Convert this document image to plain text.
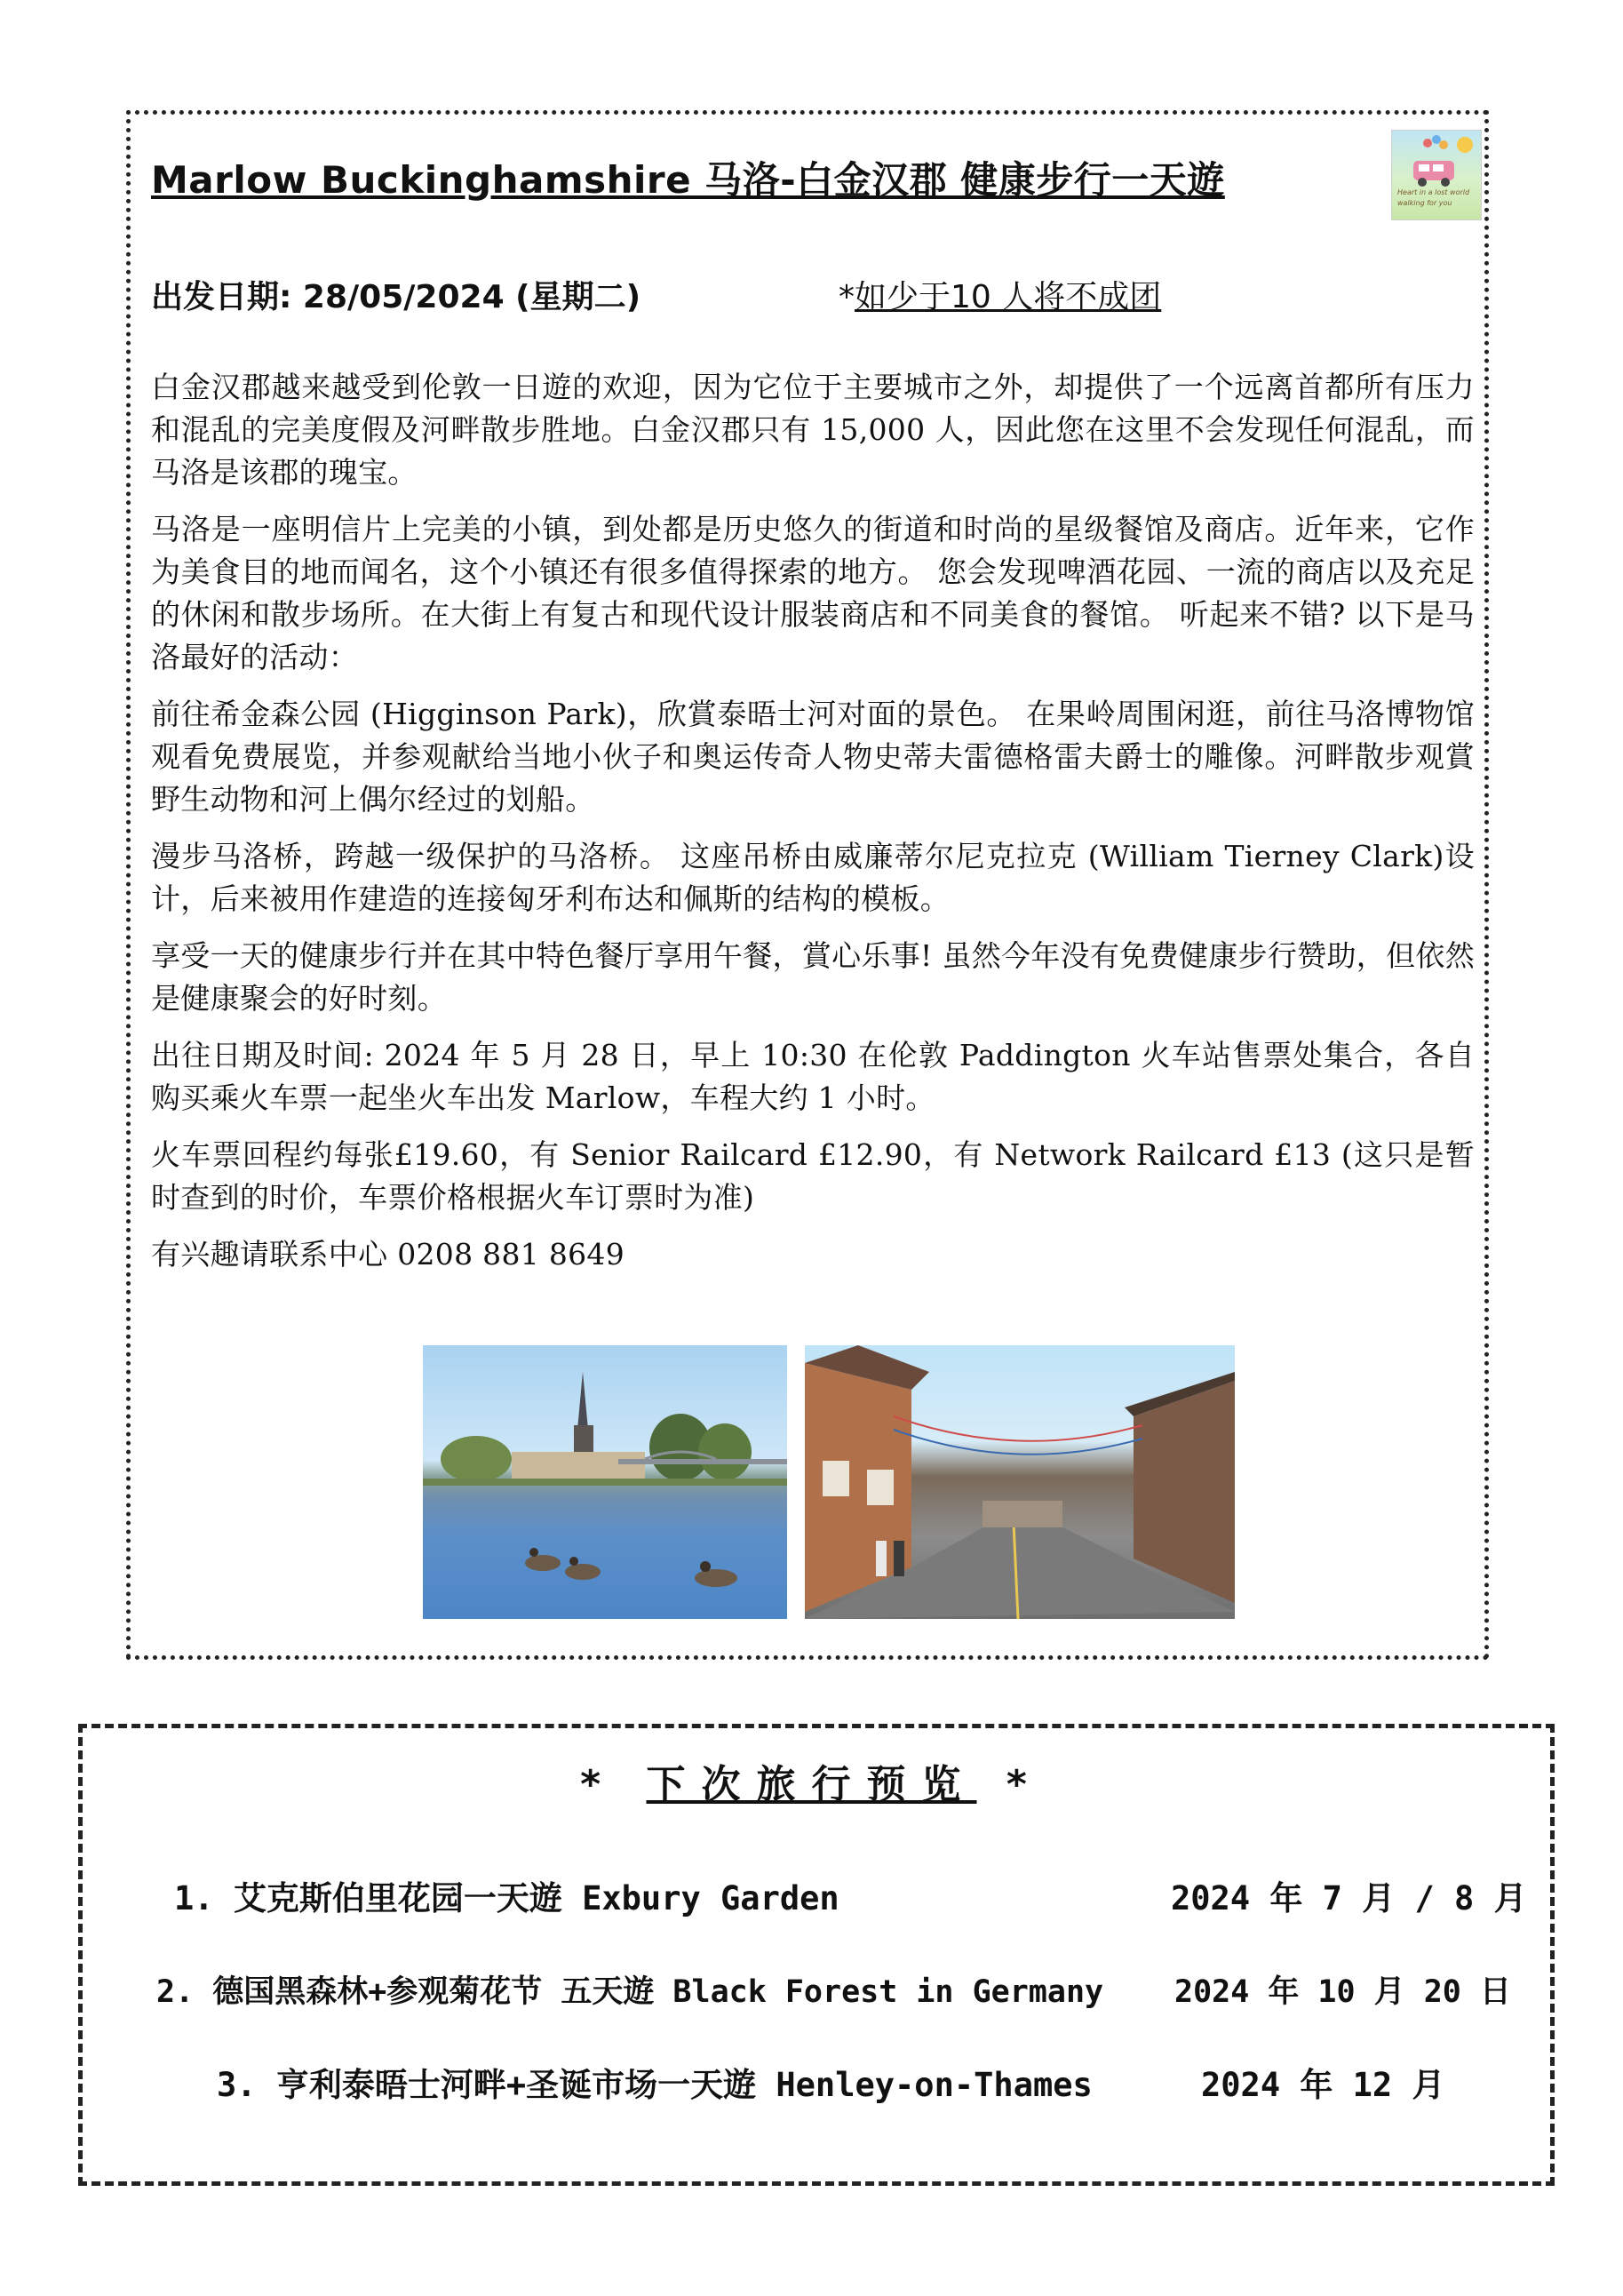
Marlow Buckinghamshire 马洛-白金汉郡 健康步行一天遊	Heart in a lost world walking for you
出发日期: 28/05/2024 (星期二)	*如少于10 人将不成团

白金汉郡越来越受到伦敦一日遊的欢迎，因为它位于主要城市之外，却提供了一个远离首都所有压力和混乱的完美度假及河畔散步胜地。白金汉郡只有 15,000 人，因此您在这里不会发现任何混乱，而马洛是该郡的瑰宝。

马洛是一座明信片上完美的小镇，到处都是历史悠久的街道和时尚的星级餐馆及商店。近年来，它作为美食目的地而闻名，这个小镇还有很多值得探索的地方。 您会发现啤酒花园、一流的商店以及充足的休闲和散步场所。在大街上有复古和现代设计服装商店和不同美食的餐馆。 听起来不错? 以下是马洛最好的活动：

前往希金森公园 (Higginson Park)，欣賞泰晤士河对面的景色。 在果岭周围闲逛，前往马洛博物馆观看免费展览，并参观献给当地小伙子和奥运传奇人物史蒂夫雷德格雷夫爵士的雕像。河畔散步观賞野生动物和河上偶尔经过的划船。

漫步马洛桥，跨越一级保护的马洛桥。 这座吊桥由威廉蒂尔尼克拉克 (William Tierney Clark)设计，后来被用作建造的连接匈牙利布达和佩斯的结构的模板。

享受一天的健康步行并在其中特色餐厅享用午餐，賞心乐事! 虽然今年没有免费健康步行赞助，但依然是健康聚会的好时刻。

出往日期及时间: 2024 年 5 月 28 日，早上 10:30 在伦敦 Paddington 火车站售票处集合，各自购买乘火车票一起坐火车出发 Marlow，车程大约 1 小时。

火车票回程约每张£19.60，有 Senior Railcard £12.90，有 Network Railcard £13 (这只是暂时查到的时价，车票价格根据火车订票时为准)

有兴趣请联系中心 0208 881 8649

* 下次旅行预览 *
1. 艾克斯伯里花园一天遊 Exbury Garden	2024 年 7 月 / 8 月
2. 德国黑森林+参观菊花节 五天遊 Black Forest in Germany 2024 年 10 月 20 日
3. 亨利泰晤士河畔+圣诞市场一天遊 Henley-on-Thames	2024 年 12 月
